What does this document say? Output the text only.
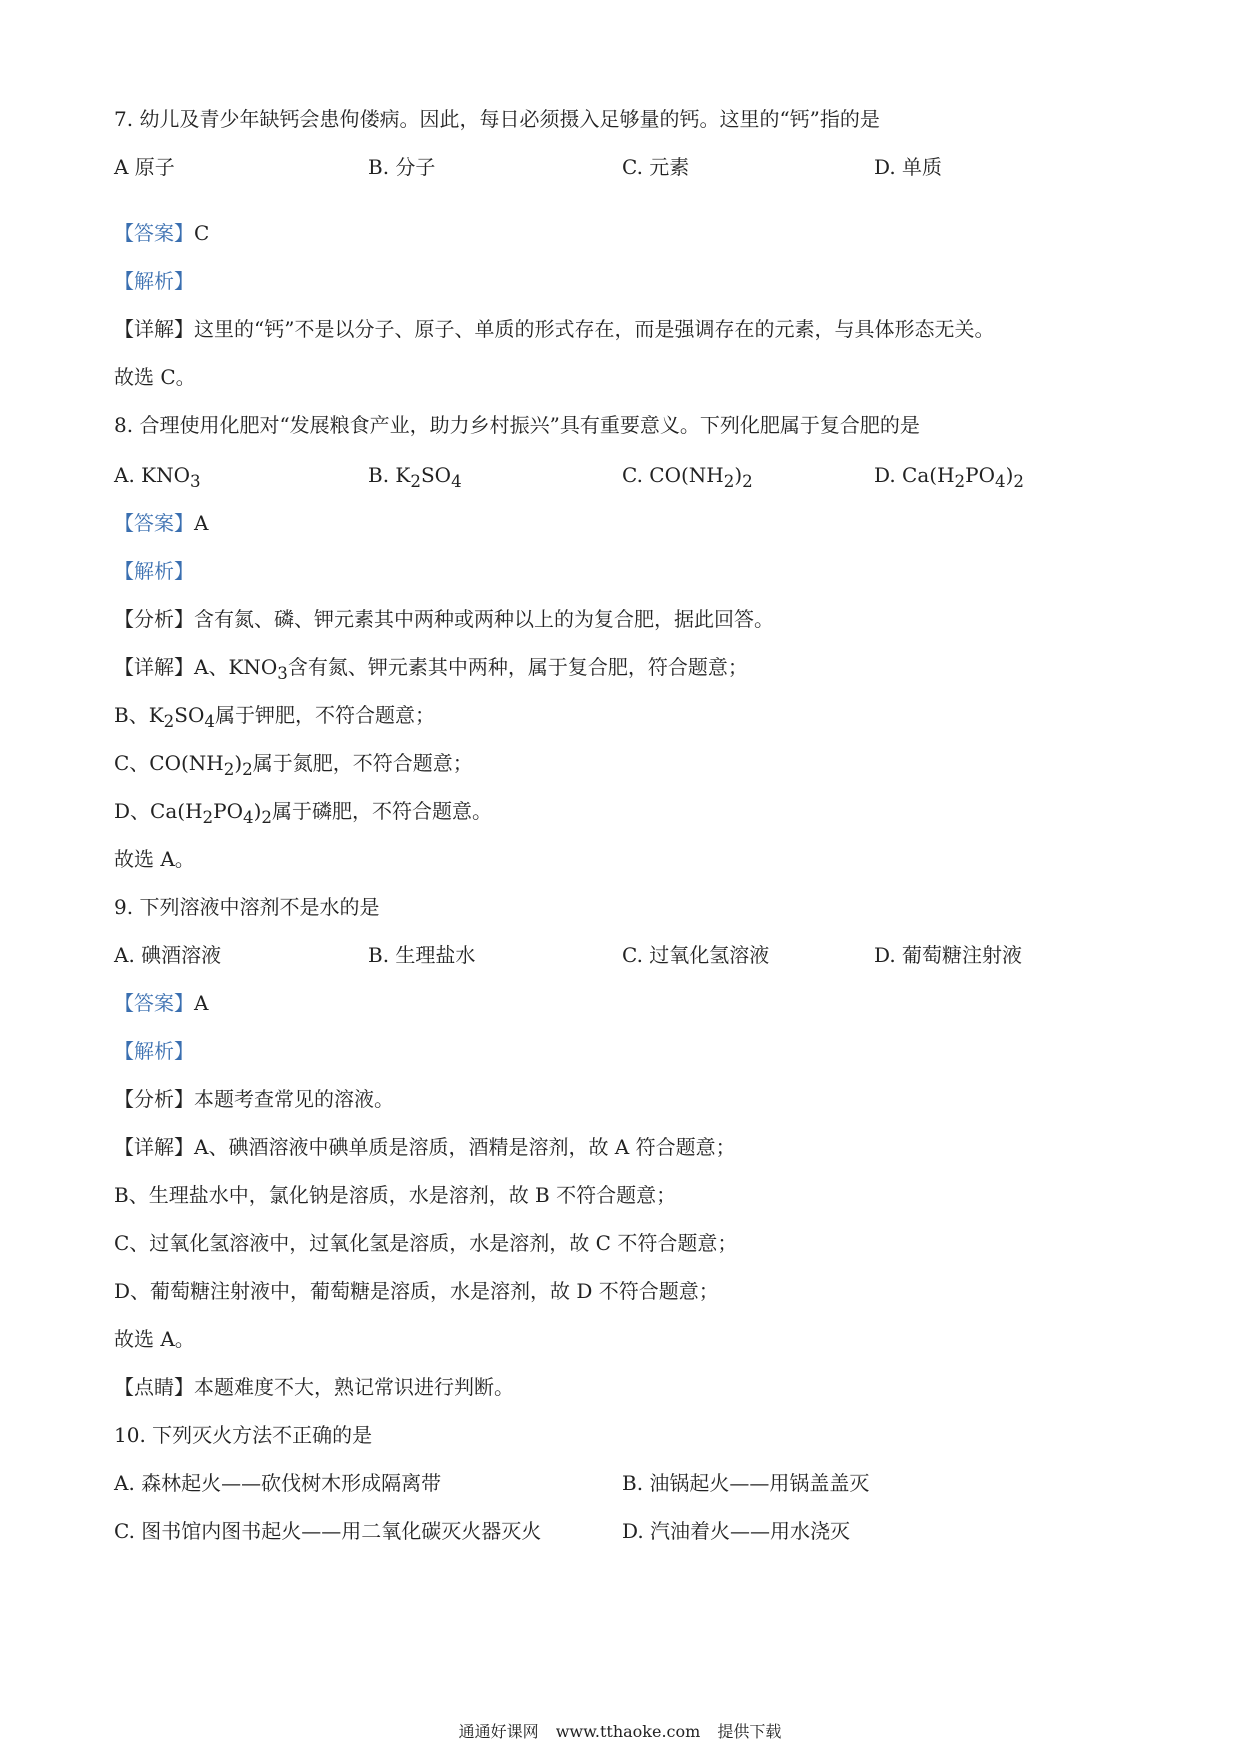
7. 幼儿及青少年缺钙会患佝偻病。因此，每日必须摄入足够量的钙。这里的“钙”指的是
A 原子	B. 分子	C. 元素	D. 单质
【答案】C
【解析】
【详解】这里的“钙”不是以分子、原子、单质的形式存在，而是强调存在的元素，与具体形态无关。
故选 C。
8. 合理使用化肥对“发展粮食产业，助力乡村振兴”具有重要意义。下列化肥属于复合肥的是
A. $KNO_3$	B. $K_2SO_4$	C. $CO(NH_2)_2$	D. $Ca(H_2PO_4)_2$
【答案】A
【解析】
【分析】含有氮、磷、钾元素其中两种或两种以上的为复合肥，据此回答。
【详解】A、$KNO_3$含有氮、钾元素其中两种，属于复合肥，符合题意；
B、$K_2SO_4$属于钾肥，不符合题意；
C、$CO(NH_2)_2$属于氮肥，不符合题意；
D、$Ca(H_2PO_4)_2$属于磷肥，不符合题意。
故选 A。
9. 下列溶液中溶剂不是水的是
A. 碘酒溶液	B. 生理盐水	C. 过氧化氢溶液	D. 葡萄糖注射液
【答案】A
【解析】
【分析】本题考查常见的溶液。
【详解】A、碘酒溶液中碘单质是溶质，酒精是溶剂，故 A 符合题意；
B、生理盐水中，氯化钠是溶质，水是溶剂，故 B 不符合题意；
C、过氧化氢溶液中，过氧化氢是溶质，水是溶剂，故 C 不符合题意；
D、葡萄糖注射液中，葡萄糖是溶质，水是溶剂，故 D 不符合题意；
故选 A。
【点睛】本题难度不大，熟记常识进行判断。
10. 下列灭火方法不正确的是
A. 森林起火——砍伐树木形成隔离带	B. 油锅起火——用锅盖盖灭
C. 图书馆内图书起火——用二氧化碳灭火器灭火	D. 汽油着火——用水浇灭
通通好课网 www.tthaoke.com 提供下载
